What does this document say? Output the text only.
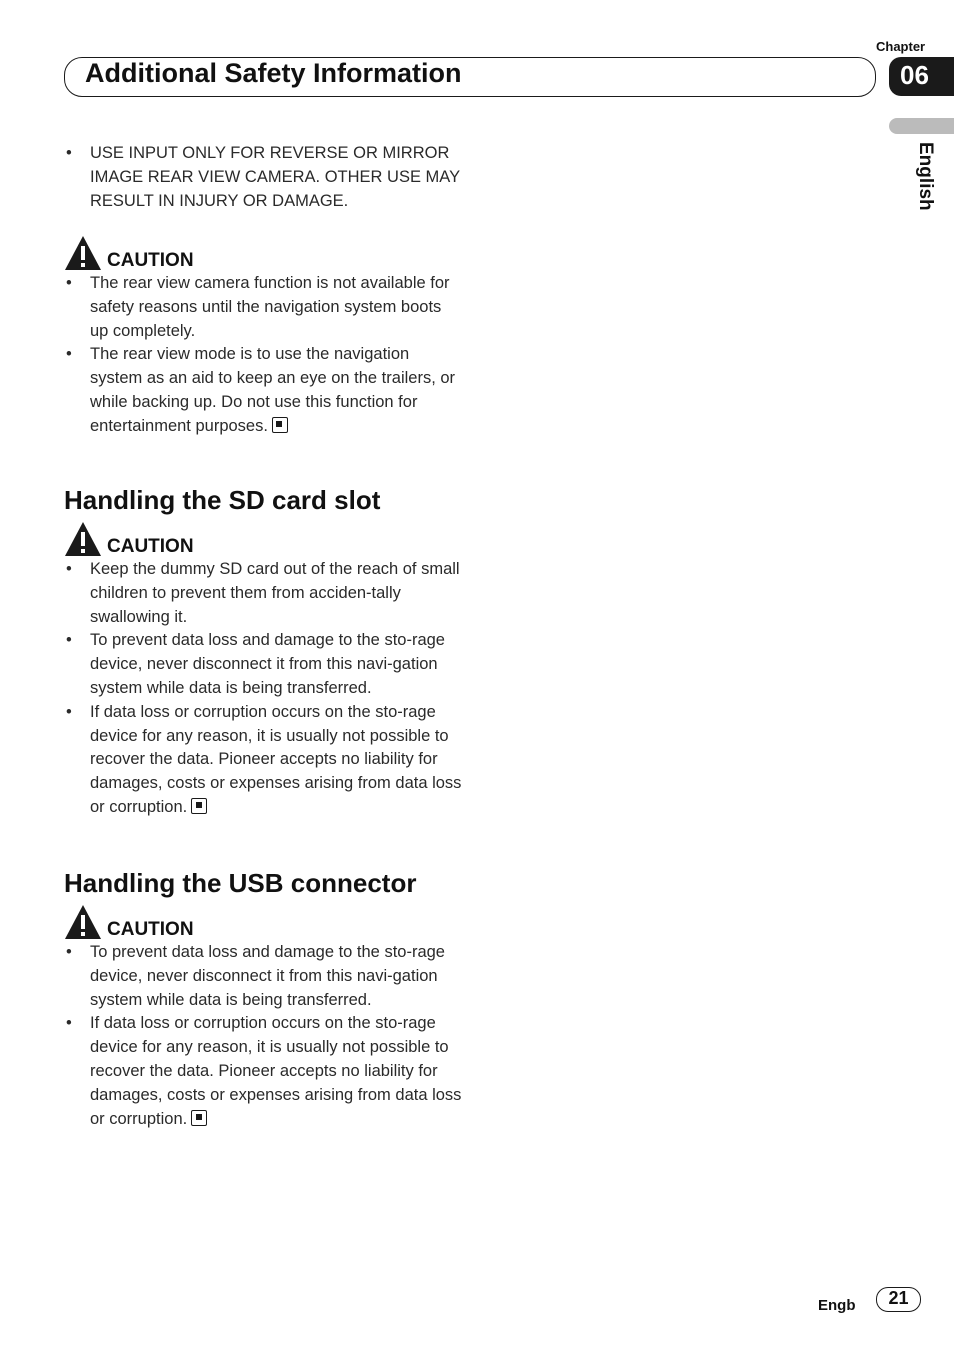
Chapter
06
Additional Safety Information
English
• USE INPUT ONLY FOR REVERSE OR MIRROR IMAGE REAR VIEW CAMERA. OTHER USE MAY RESULT IN INJURY OR DAMAGE.
CAUTION
• The rear view camera function is not available for safety reasons until the navigation system boots up completely.
• The rear view mode is to use the navigation system as an aid to keep an eye on the trailers, or while backing up. Do not use this function for entertainment purposes.
Handling the SD card slot
CAUTION
• Keep the dummy SD card out of the reach of small children to prevent them from acciden-tally swallowing it.
• To prevent data loss and damage to the sto-rage device, never disconnect it from this navi-gation system while data is being transferred.
• If data loss or corruption occurs on the sto-rage device for any reason, it is usually not possible to recover the data. Pioneer accepts no liability for damages, costs or expenses arising from data loss or corruption.
Handling the USB connector
CAUTION
• To prevent data loss and damage to the sto-rage device, never disconnect it from this navi-gation system while data is being transferred.
• If data loss or corruption occurs on the sto-rage device for any reason, it is usually not possible to recover the data. Pioneer accepts no liability for damages, costs or expenses arising from data loss or corruption.
Engb	21
